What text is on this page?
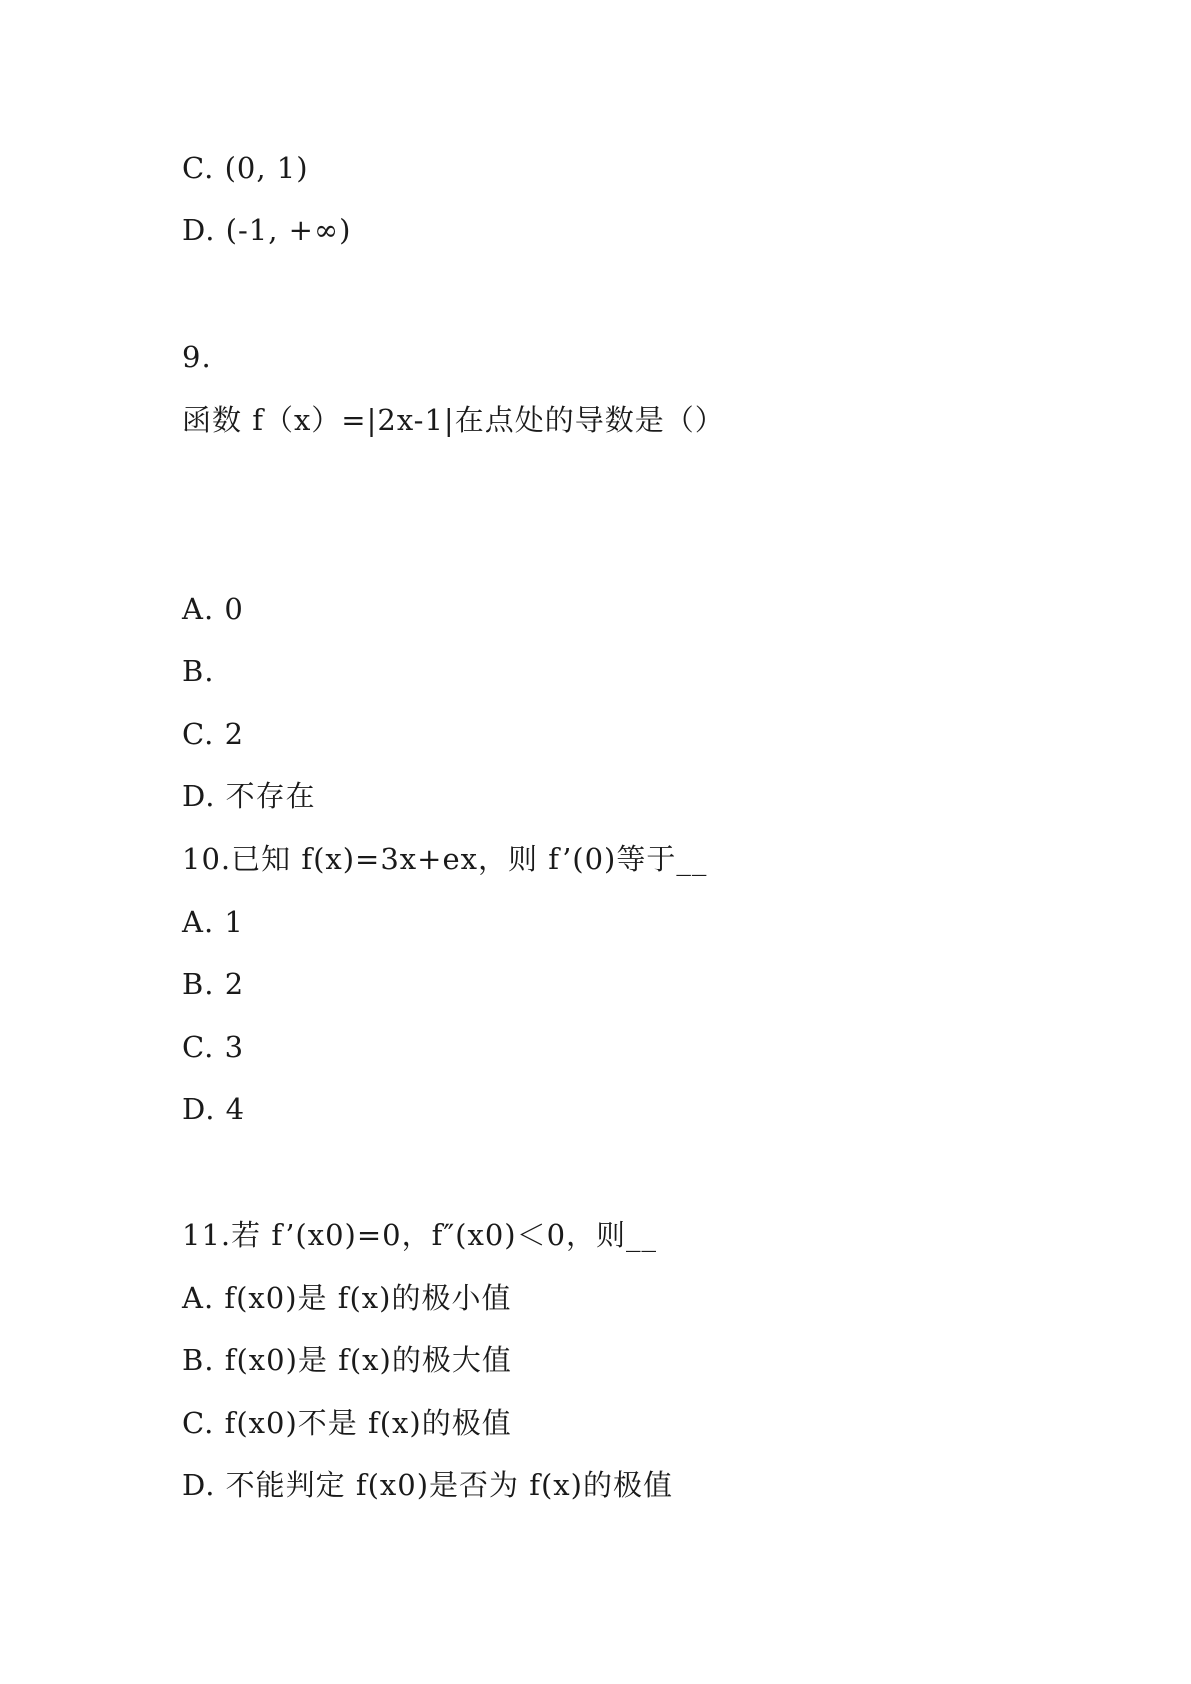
C. (0, 1)
D. (-1, +∞)
9.
函数 f（x）=|2x-1|在点处的导数是（）
A. 0
B.
C. 2
D. 不存在
10.已知 f(x)=3x+ex，则 f’(0)等于__
A. 1
B. 2
C. 3
D. 4
11.若 f’(x0)=0，f″(x0)＜0，则__
A. f(x0)是 f(x)的极小值
B. f(x0)是 f(x)的极大值
C. f(x0)不是 f(x)的极值
D. 不能判定 f(x0)是否为 f(x)的极值
